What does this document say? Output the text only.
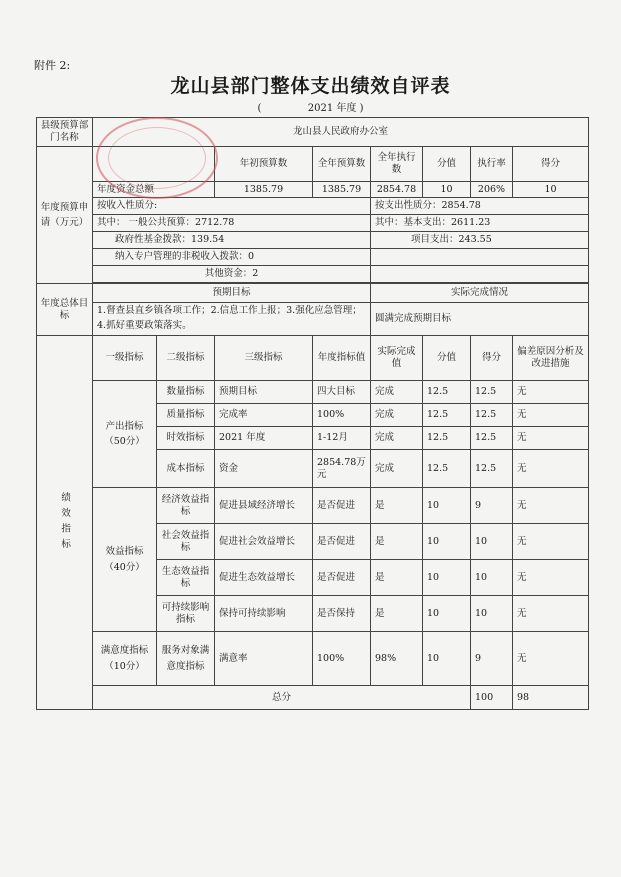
附件 2:
龙山县部门整体支出绩效自评表
(	2021 年度 )
县级预算部门名称	龙山县人民政府办公室								
年度预算申请（万元）			年初预算数	全年预算数	全年执行数	分值	执行率	得分	
	年度资金总额		1385.79	1385.79	2854.78	10	206%	10	
	按收入性质分:				按支出性质分：2854.78				
	其中： 一般公共预算：2712.78				其中：基本支出：2611.23				
	政府性基金拨款：139.54				项目支出：243.55				
	纳入专户管理的非税收入拨款：0								
	其他资金：2								

年度总体目标	预期目标				实际完成情况				
	1.督查县直乡镇各项工作；2.信息工作上报；3.强化应急管理；4.抓好重要政策落实。				圆满完成预期目标				
绩效指标	一级指标	二级指标	三级指标	年度指标值	实际完成值	分值	得分	偏差原因分析及改进措施	
	产出指标（50分）	数量指标	预期目标	四大目标	完成	12.5	12.5	无	
		质量指标	完成率	100%	完成	12.5	12.5	无	
		时效指标	2021 年度	1-12月	完成	12.5	12.5	无	
		成本指标	资金	2854.78万元	完成	12.5	12.5	无	
	效益指标（40分）	经济效益指标	促进县域经济增长	是否促进	是	10	9	无	
		社会效益指标	促进社会效益增长	是否促进	是	10	10	无	
		生态效益指标	促进生态效益增长	是否促进	是	10	10	无	
		可持续影响指标	保持可持续影响	是否保持	是	10	10	无	
	满意度指标（10分）	服务对象满意度指标	满意率	100%	98%	10	9	无	
	总分						100	98	
